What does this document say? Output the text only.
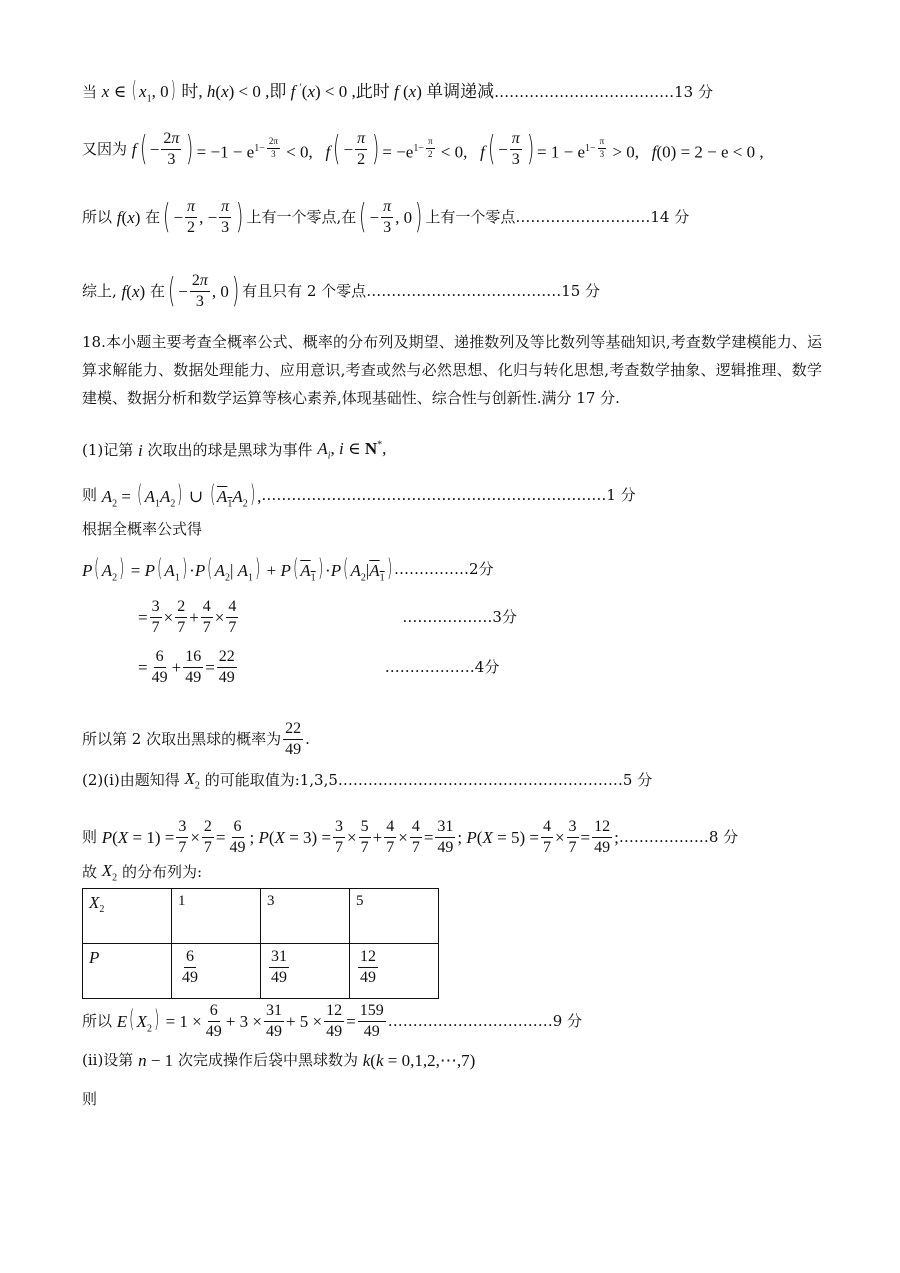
当 x ∈ ( $x_1$, 0) 时, h(x) < 0 ,即 f ′(x) < 0 ,此时 f (x) 单调递减 ……………………………… 13 分
又因为 f ( − $\frac{2\pi}{3}$ ) = $-1 - e^{1- \frac{2\pi}{3}} < 0$,   f ( − $\frac{\pi}{2}$ ) = $-e^{1- \frac{\pi}{2}} < 0$,   f ( − $\frac{\pi}{3}$ ) = $1 - e^{1- \frac{\pi}{3}} > 0$,   f(0) = 2 − e < 0 ,
所以 f(x) 在 ( − $\frac{\pi}{2}$ , − $\frac{\pi}{3}$ ) 上有一个零点,在 ( − $\frac{\pi}{3}$ , 0 ) 上有一个零点 ……………………… 14 分
综上, f(x) 在 ( − $\frac{2\pi}{3}$ , 0 ) 有且只有 2 个零点 ………………………………… 15 分
18.本小题主要考查全概率公式、概率的分布列及期望、递推数列及等比数列等基础知识,考查数学建模能力、运算求解能力、数据处理能力、应用意识,考查或然与必然思想、化归与转化思想,考查数学抽象、逻辑推理、数学建模、数据分析和数学运算等核心素养,体现基础性、综合性与创新性.满分 17 分.
(1)记第 i 次取出的球是黑球为事件 $A_i$, i ∈ N*,
则 $A_2$ = ( $A_1A_2$) ∪ ( $A_1A_2$) , …………………………………………………………… 1 分
根据全概率公式得
P( $A_2) = P$( $A_1) \cdot P$( $A_2|$ $A_1) + P$( $A_1) \cdot P$( $A_2|A_1$) …………… 2分
= $\frac{3}{7} \times \frac{2}{7} + \frac{4}{7} \times \frac{4}{7}$	……………… 3分
= $\frac{6}{49} + \frac{16}{49} = \frac{22}{49}$	……………… 4分
所以第 2 次取出黑球的概率为 $\frac{22}{49}$ .
(2)(i)由题知得 $X_2$ 的可能取值为:1,3,5 ………………………………………………… 5 分
则 $P(X = 1) = \frac{3}{7} \times \frac{2}{7} = \frac{6}{49}$ ; $P(X = 3) = \frac{3}{7} \times \frac{5}{7} + \frac{4}{7} \times \frac{4}{7} = \frac{31}{49}$ ; $P(X = 5) = \frac{4}{7} \times \frac{3}{7} = \frac{12}{49}$ ; ……………… 8 分
故 $X_2$ 的分布列为:
$X_2$	1	3	5
P	$\frac{6}{49}$	$\frac{31}{49}$	$\frac{12}{49}$
所以 E( $X_2) = 1 \times \frac{6}{49} + 3 \times \frac{31}{49} + 5 \times \frac{12}{49} = \frac{159}{49}$ …………………………… 9 分
(ii)设第 n − 1 次完成操作后袋中黑球数为 k(k = 0,1,2,⋯,7)
则
